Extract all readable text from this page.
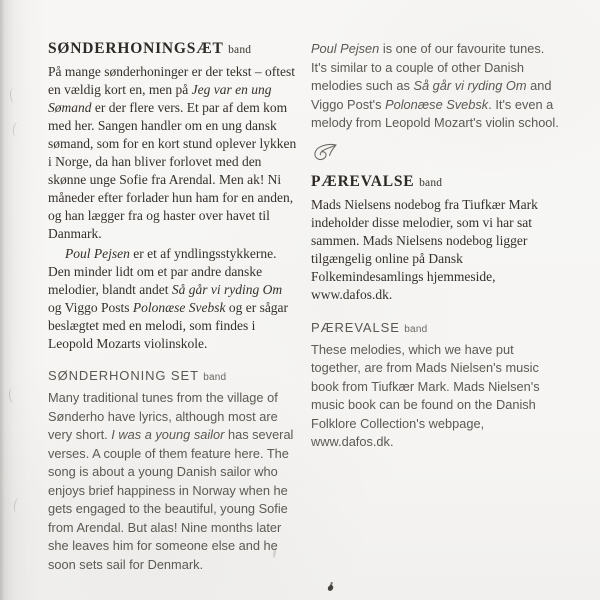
SØNDERHONINGSÆT band

På mange sønderhoninger er der tekst – oftest en vældig kort en, men på Jeg var en ung Sømand er der flere vers. Et par af dem kom med her. Sangen handler om en ung dansk sømand, som for en kort stund oplever lykken i Norge, da han bliver forlovet med den skønne unge Sofie fra Arendal. Men ak! Ni måneder efter forlader hun ham for en anden, og han lægger fra og haster over havet til Danmark.

Poul Pejsen er et af yndlingsstykkerne. Den minder lidt om et par andre danske melodier, blandt andet Så går vi ryding Om og Viggo Posts Polonæse Svebsk og er sågar beslægtet med en melodi, som findes i Leopold Mozarts violinskole.

SØNDERHONING SET band

Many traditional tunes from the village of Sønderho have lyrics, although most are very short. I was a young sailor has several verses. A couple of them feature here. The song is about a young Danish sailor who enjoys brief happiness in Norway when he gets engaged to the beautiful, young Sofie from Arendal. But alas! Nine months later she leaves him for someone else and he soon sets sail for Denmark.

Poul Pejsen is one of our favourite tunes. It's similar to a couple of other Danish melodies such as Så går vi ryding Om and Viggo Post's Polonæse Svebsk. It's even a melody from Leopold Mozart's violin school.

PÆREVALSE band

Mads Nielsens nodebog fra Tiufkær Mark indeholder disse melodier, som vi har sat sammen. Mads Nielsens nodebog ligger tilgængelig online på Dansk Folkemindesamlings hjemmeside, www.dafos.dk.

PÆREVALSE band

These melodies, which we have put together, are from Mads Nielsen's music book from Tiufkær Mark. Mads Nielsen's music book can be found on the Danish Folklore Collection's webpage, www.dafos.dk.
